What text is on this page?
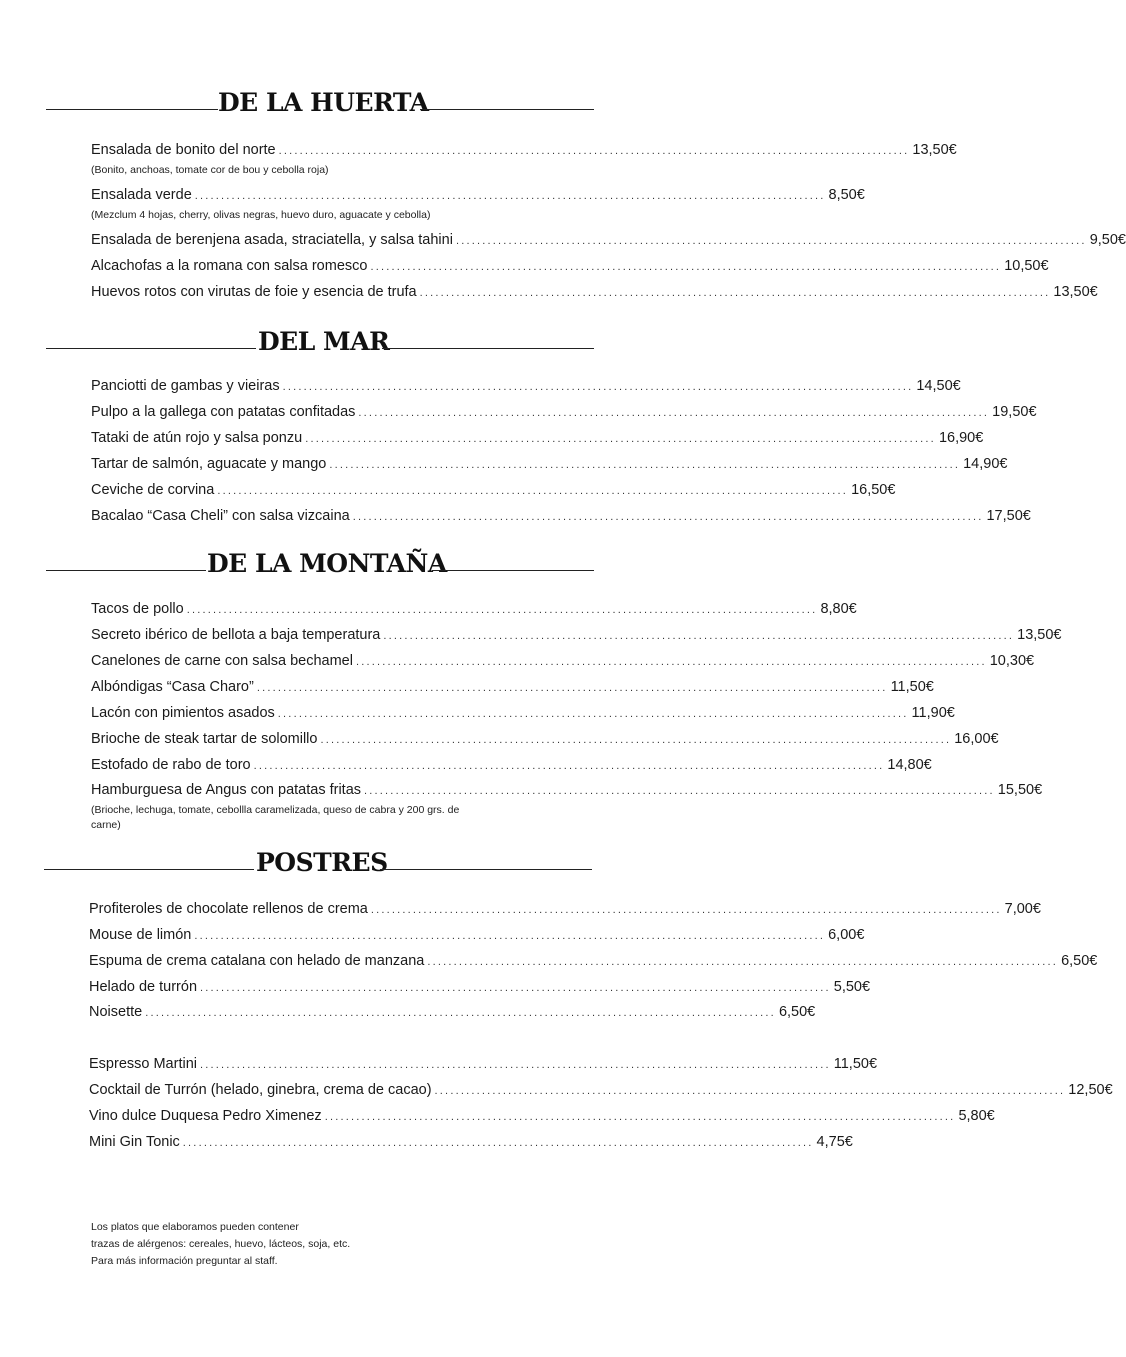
DE LA HUERTA
Ensalada de bonito del norte ........................................................................................................................ 13,50€
(Bonito, anchoas, tomate cor de bou y cebolla roja)
Ensalada verde ........................................................................................................................ 8,50€
(Mezclum 4 hojas, cherry, olivas negras, huevo duro, aguacate y cebolla)
Ensalada de berenjena asada, straciatella, y salsa tahini ........................................................................................................................ 9,50€
Alcachofas a la romana con salsa romesco ........................................................................................................................ 10,50€
Huevos rotos con virutas de foie y esencia de trufa ........................................................................................................................ 13,50€
DEL MAR
Panciotti de gambas y vieiras ........................................................................................................................ 14,50€
Pulpo a la gallega con patatas confitadas ........................................................................................................................ 19,50€
Tataki de atún rojo y salsa ponzu ........................................................................................................................ 16,90€
Tartar de salmón, aguacate y mango ........................................................................................................................ 14,90€
Ceviche de corvina ........................................................................................................................ 16,50€
Bacalao “Casa Cheli” con salsa vizcaina ........................................................................................................................ 17,50€
DE LA MONTAÑA
Tacos de pollo ........................................................................................................................ 8,80€
Secreto ibérico de bellota a baja temperatura ........................................................................................................................ 13,50€
Canelones de carne con salsa bechamel ........................................................................................................................ 10,30€
Albóndigas “Casa Charo” ........................................................................................................................ 11,50€
Lacón con pimientos asados ........................................................................................................................ 11,90€
Brioche de steak tartar de solomillo ........................................................................................................................ 16,00€
Estofado de rabo de toro ........................................................................................................................ 14,80€
Hamburguesa de Angus con patatas fritas ........................................................................................................................ 15,50€
(Brioche, lechuga, tomate, cebollla caramelizada, queso de cabra y 200 grs. de carne)
POSTRES
Profiteroles de chocolate rellenos de crema ........................................................................................................................ 7,00€
Mouse de limón ........................................................................................................................ 6,00€
Espuma de crema catalana con helado de manzana ........................................................................................................................ 6,50€
Helado de turrón ........................................................................................................................ 5,50€
Noisette ........................................................................................................................ 6,50€
Espresso Martini ........................................................................................................................ 11,50€
Cocktail de Turrón (helado, ginebra, crema de cacao) ........................................................................................................................ 12,50€
Vino dulce Duquesa Pedro Ximenez ........................................................................................................................ 5,80€
Mini Gin Tonic ........................................................................................................................ 4,75€
Los platos que elaboramos pueden contener
trazas de alérgenos: cereales, huevo, lácteos, soja, etc.
Para más información preguntar al staff.
